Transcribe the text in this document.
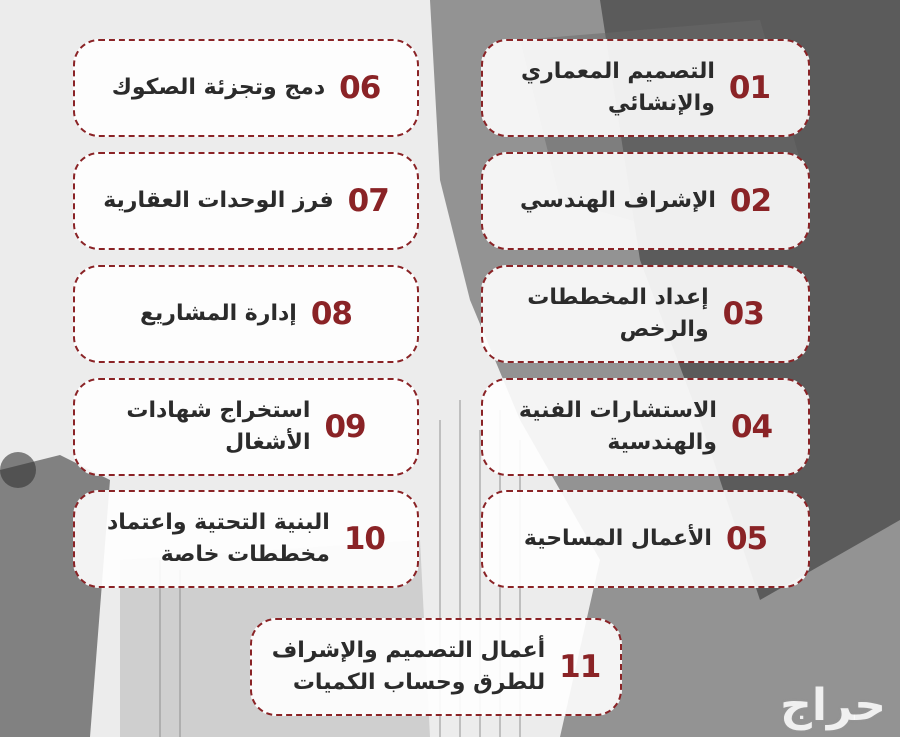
01
التصميم المعماري
والإنشائي
02
الإشراف الهندسي
03
إعداد المخططات
والرخص
04
الاستشارات الفنية
والهندسية
05
الأعمال المساحية
06
دمج وتجزئة الصكوك
07
فرز الوحدات العقارية
08
إدارة المشاريع
09
استخراج شهادات
الأشغال
10
البنية التحتية واعتماد
مخططات خاصة
11
أعمال التصميم والإشراف
للطرق وحساب الكميات	حراج
